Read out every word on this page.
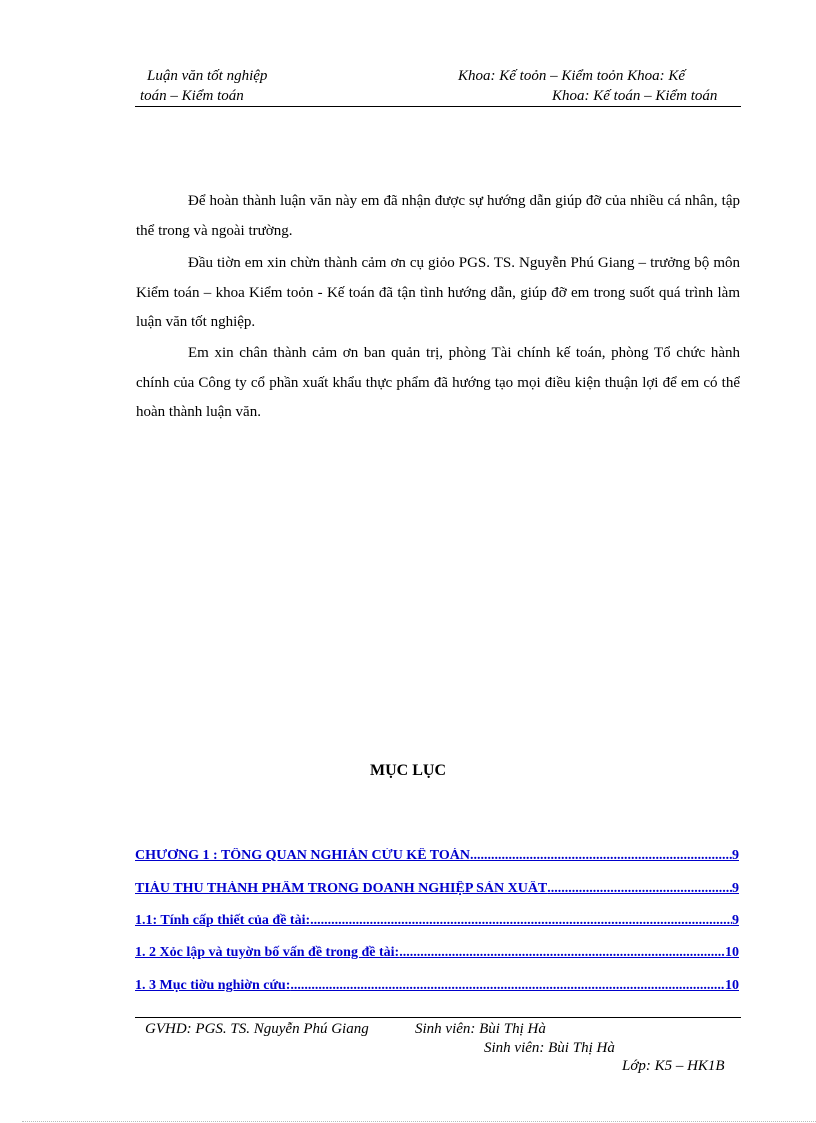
Luận văn tốt nghiệp	Khoa: Kế toỏn – Kiểm toỏn Khoa: Kế
toán – Kiểm toán	Khoa: Kế toán – Kiểm toán

Để hoàn thành luận văn này em đã nhận được sự hướng dẫn giúp đỡ của nhiều cá nhân, tập thể trong và ngoài trường.

Đầu tiờn em xin chừn thành cảm ơn cụ giỏo PGS. TS. Nguyễn Phú Giang – trưởng bộ môn Kiểm toán – khoa Kiểm toỏn - Kế toán đã tận tình hướng dẫn, giúp đỡ em trong suốt quá trình làm luận văn tốt nghiệp.

Em xin chân thành cảm ơn ban quản trị, phòng Tài chính kế toán, phòng Tổ chức hành chính của Công ty cổ phần xuất khẩu thực phẩm đã hướng tạo mọi điều kiện thuận lợi để em có thể hoàn thành luận văn.

MỤC LỤC
CHƯƠNG 1 : TỔNG QUAN NGHIÁN CỨU KẾ TOÁN .....	9
TIÁU THU THÀNH PHẨM TRONG DOANH NGHIỆP SẢN XUẤT .....	9
1.1: Tính cấp thiết của đề tài: .....	9
1. 2 Xỏc lập và tuyờn bố vấn đề trong đề tài: .....	10
1. 3 Mục tiờu nghiờn cứu: .....	10
GVHD: PGS. TS. Nguyễn Phú Giang	Sinh viên: Bùi Thị Hà
Sinh viên: Bùi Thị Hà
Lớp: K5 – HK1B
